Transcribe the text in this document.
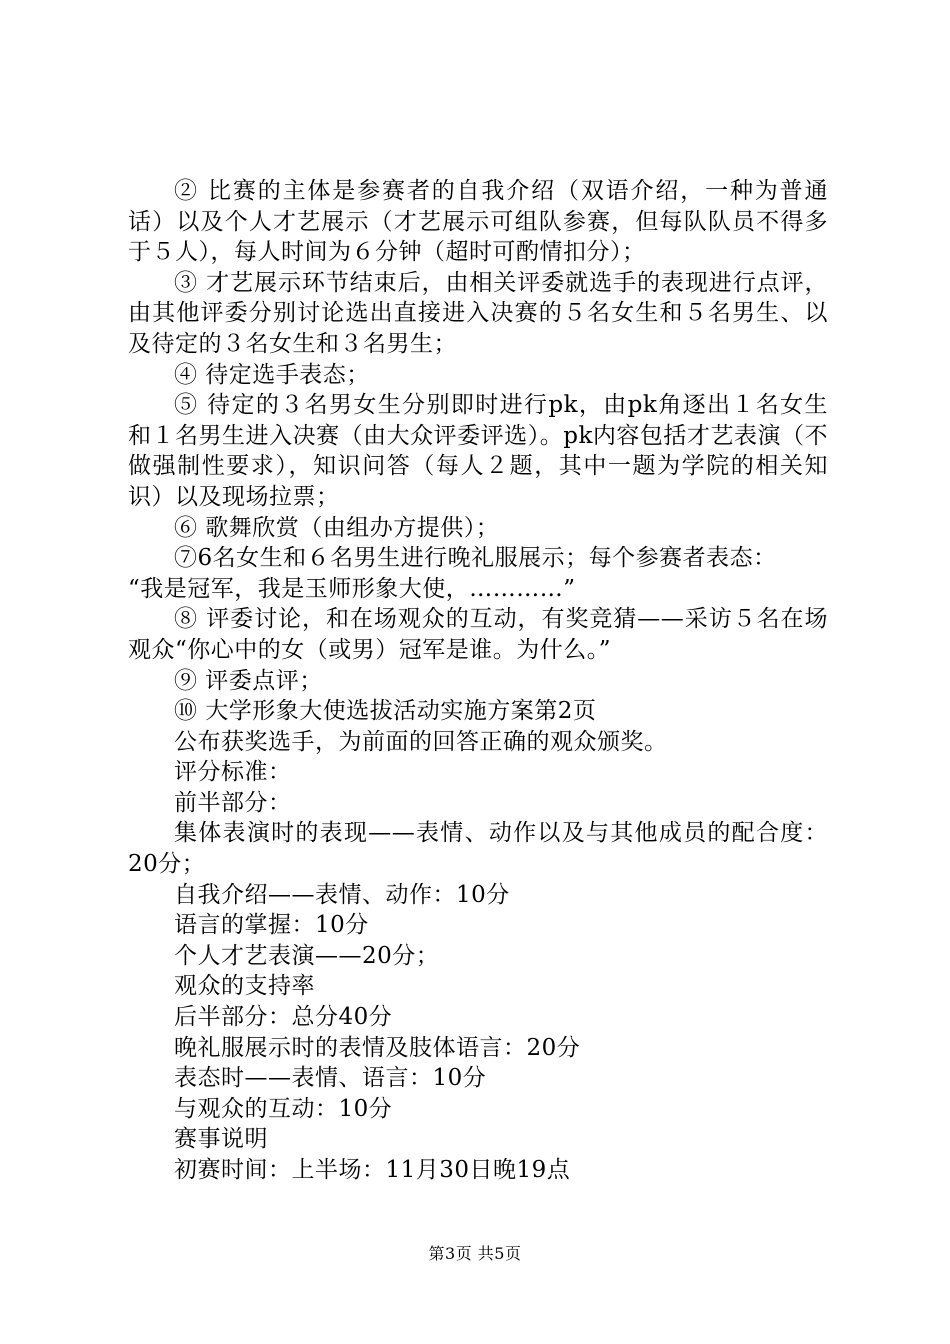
② 比赛的主体是参赛者的自我介绍（双语介绍，一种为普通话）以及个人才艺展示（才艺展示可组队参赛，但每队队员不得多于５人），每人时间为６分钟（超时可酌情扣分）；

③ 才艺展示环节结束后，由相关评委就选手的表现进行点评，由其他评委分别讨论选出直接进入决赛的５名女生和５名男生、以及待定的３名女生和３名男生；

④ 待定选手表态；

⑤ 待定的３名男女生分别即时进行pk，由pk角逐出１名女生和１名男生进入决赛（由大众评委评选）。pk内容包括才艺表演（不做强制性要求），知识问答（每人２题，其中一题为学院的相关知识）以及现场拉票；

⑥ 歌舞欣赏（由组办方提供）；

⑦6名女生和６名男生进行晚礼服展示；每个参赛者表态：

“我是冠军，我是玉师形象大使，…………”

⑧ 评委讨论，和在场观众的互动，有奖竞猜——采访５名在场观众“你心中的女（或男）冠军是谁。为什么。”

⑨ 评委点评；

⑩ 大学形象大使选拔活动实施方案第2页

公布获奖选手，为前面的回答正确的观众颁奖。

评分标准：

前半部分：

集体表演时的表现——表情、动作以及与其他成员的配合度：20分；

自我介绍——表情、动作：10分

语言的掌握：10分

个人才艺表演——20分；

观众的支持率

后半部分：总分40分

晚礼服展示时的表情及肢体语言：20分

表态时——表情、语言：10分

与观众的互动：10分

赛事说明

初赛时间：上半场：11月30日晚19点

第3页 共5页
